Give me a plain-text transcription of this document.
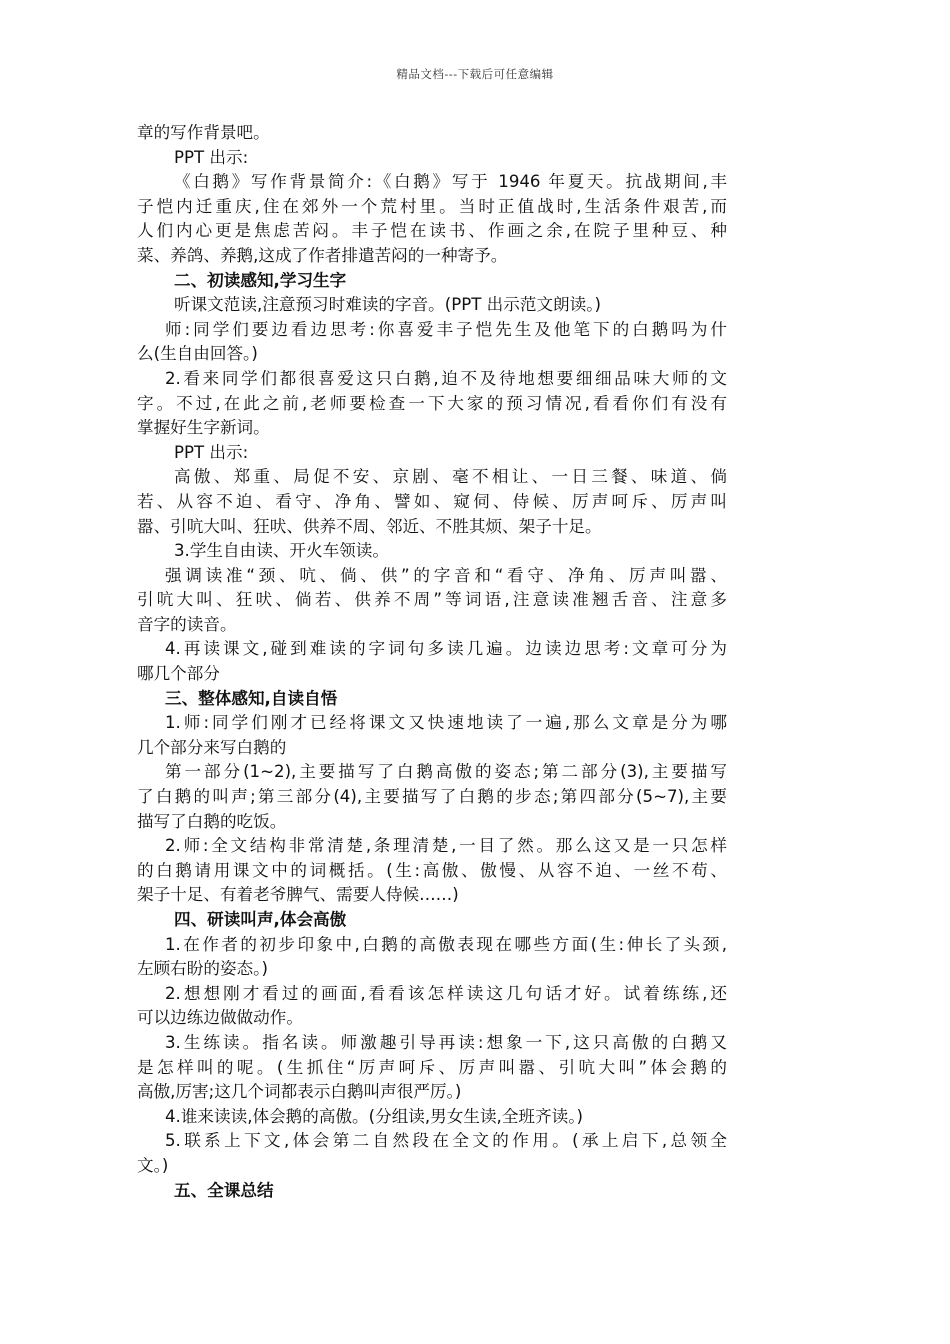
精品文档---下载后可任意编辑
章的写作背景吧。
PPT 出示:
《白鹅》写作背景简介:《白鹅》写于 1946 年夏天。抗战期间,丰
子恺内迁重庆,住在郊外一个荒村里。当时正值战时,生活条件艰苦,而
人们内心更是焦虑苦闷。丰子恺在读书、作画之余,在院子里种豆、种
菜、养鸽、养鹅,这成了作者排遣苦闷的一种寄予。
二、初读感知,学习生字
听课文范读,注意预习时难读的字音。(PPT 出示范文朗读。)
师:同学们要边看边思考:你喜爱丰子恺先生及他笔下的白鹅吗为什
么(生自由回答。)
2.看来同学们都很喜爱这只白鹅,迫不及待地想要细细品味大师的文
字。不过,在此之前,老师要检查一下大家的预习情况,看看你们有没有
掌握好生字新词。
PPT 出示:
高傲、郑重、局促不安、京剧、毫不相让、一日三餐、味道、倘
若、从容不迫、看守、净角、譬如、窥伺、侍候、厉声呵斥、厉声叫
嚣、引吭大叫、狂吠、供养不周、邻近、不胜其烦、架子十足。
3.学生自由读、开火车领读。
强调读准“颈、吭、倘、供”的字音和“看守、净角、厉声叫嚣、
引吭大叫、狂吠、倘若、供养不周”等词语,注意读准翘舌音、注意多
音字的读音。
4.再读课文,碰到难读的字词句多读几遍。边读边思考:文章可分为
哪几个部分
三、整体感知,自读自悟
1.师:同学们刚才已经将课文又快速地读了一遍,那么文章是分为哪
几个部分来写白鹅的
第一部分(1~2),主要描写了白鹅高傲的姿态;第二部分(3),主要描写
了白鹅的叫声;第三部分(4),主要描写了白鹅的步态;第四部分(5~7),主要
描写了白鹅的吃饭。
2.师:全文结构非常清楚,条理清楚,一目了然。那么这又是一只怎样
的白鹅请用课文中的词概括。(生:高傲、傲慢、从容不迫、一丝不苟、
架子十足、有着老爷脾气、需要人侍候……)
四、研读叫声,体会高傲
1.在作者的初步印象中,白鹅的高傲表现在哪些方面(生:伸长了头颈,
左顾右盼的姿态。)
2.想想刚才看过的画面,看看该怎样读这几句话才好。试着练练,还
可以边练边做做动作。
3.生练读。指名读。师激趣引导再读:想象一下,这只高傲的白鹅又
是怎样叫的呢。(生抓住“厉声呵斥、厉声叫嚣、引吭大叫”体会鹅的
高傲,厉害;这几个词都表示白鹅叫声很严厉。)
4.谁来读读,体会鹅的高傲。(分组读,男女生读,全班齐读。)
5.联系上下文,体会第二自然段在全文的作用。(承上启下,总领全
文。)
五、全课总结
